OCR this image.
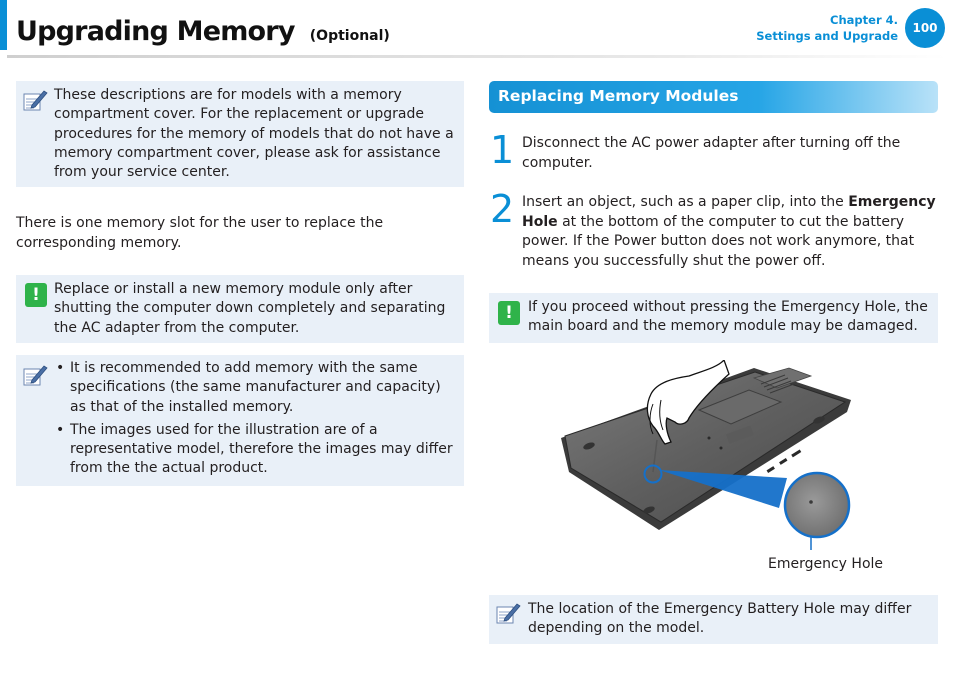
Upgrading Memory (Optional)
Chapter 4.
Settings and Upgrade
100
These descriptions are for models with a memory compartment cover. For the replacement or upgrade procedures for the memory of models that do not have a memory compartment cover, please ask for assistance from your service center.
There is one memory slot for the user to replace the corresponding memory.
!	Replace or install a new memory module only after shutting the computer down completely and separating the AC adapter from the computer.
• It is recommended to add memory with the same specifications (the same manufacturer and capacity) as that of the installed memory.
• The images used for the illustration are of a representative model, therefore the images may differ from the the actual product.
Replacing Memory Modules
1 Disconnect the AC power adapter after turning off the computer.
2 Insert an object, such as a paper clip, into the Emergency Hole at the bottom of the computer to cut the battery power. If the Power button does not work anymore, that means you successfully shut the power off.
!	If you proceed without pressing the Emergency Hole, the main board and the memory module may be damaged.
Emergency Hole
The location of the Emergency Battery Hole may differ depending on the model.
